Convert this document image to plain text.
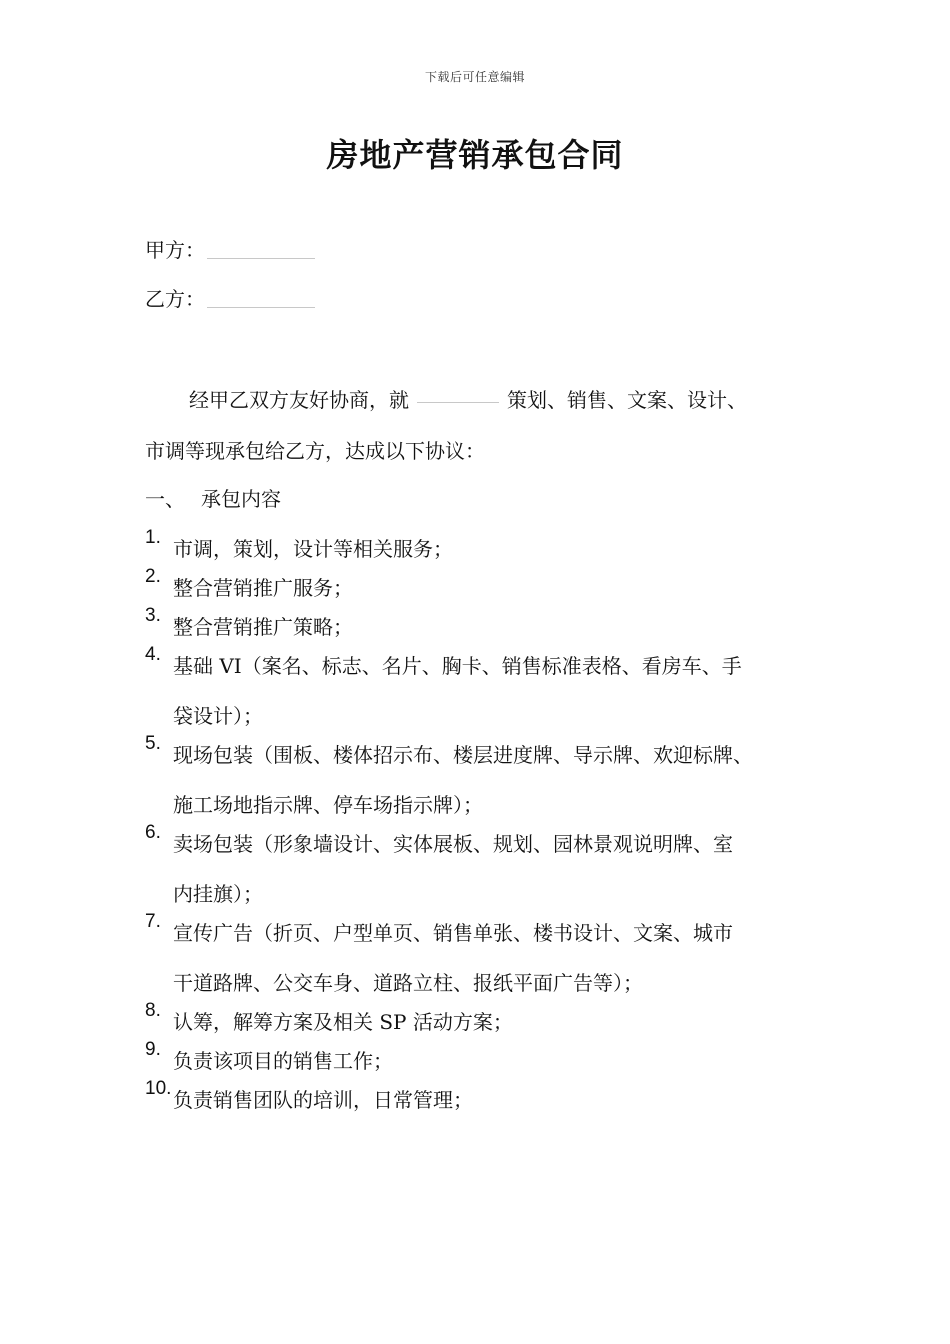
下载后可任意编辑
房地产营销承包合同
甲方：
乙方：
经甲乙双方友好协商，就	策划、销售、文案、设计、
市调等现承包给乙方，达成以下协议：
一、 承包内容
1. 市调，策划，设计等相关服务；
2. 整合营销推广服务；
3. 整合营销推广策略；
4. 基础 VI（案名、标志、名片、胸卡、销售标准表格、看房车、手
袋设计）；
5. 现场包装（围板、楼体招示布、楼层进度牌、导示牌、欢迎标牌、
施工场地指示牌、停车场指示牌）；
6. 卖场包装（形象墙设计、实体展板、规划、园林景观说明牌、室
内挂旗）；
7. 宣传广告（折页、户型单页、销售单张、楼书设计、文案、城市
干道路牌、公交车身、道路立柱、报纸平面广告等）；
8. 认筹，解筹方案及相关 SP 活动方案；
9. 负责该项目的销售工作；
10. 负责销售团队的培训，日常管理；
